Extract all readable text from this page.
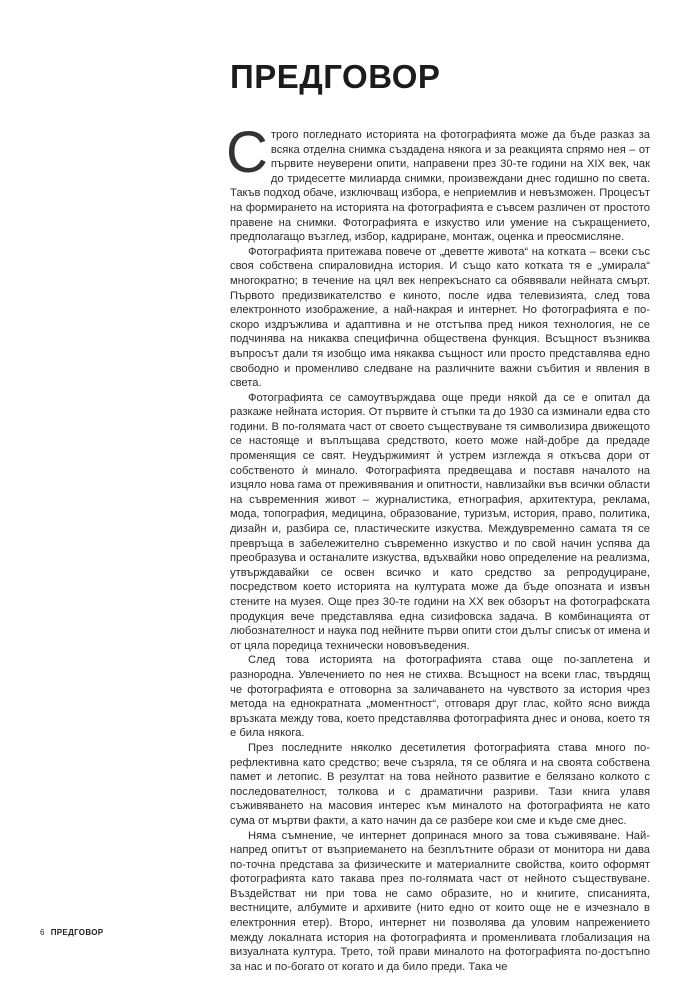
ПРЕДГОВОР

Строго погледнатo историята на фотографията може да бъде разказ за всяка отделна снимка създадена някога и за реакцията спрямо нея – от първите неуверени опити, направени през 30-те години на XIX век, чак до тридесетте милиарда снимки, произвеждани днес годишно по света. Такъв подход обаче, изключващ избора, е неприемлив и невъзможен. Процесът на формирането на историята на фотографията е съвсем различен от простото правене на снимки. Фотографията е изкуство или умение на съкращението, предполагащо възглед, избор, кадриране, монтаж, оценка и преосмисляне.

Фотографията притежава повече от „деветте живота“ на котката – всеки със своя собствена спираловидна история. И също като котката тя е „умирала“ многократно; в течение на цял век непрекъснато са обявявали нейната смърт. Първото предизвикателство е киното, после идва телевизията, след това електронното изображение, а най-накрая и интернет. Но фотографията е по-скоро издръжлива и адаптивна и не отстъпва пред никоя технология, не се подчинява на никаква специфична обществена функция. Всъщност възниква въпросът дали тя изобщо има някаква същност или просто представлява едно свободно и променливо следване на различните важни събития и явления в света.

Фотографията се самоутвърждава още преди някой да се е опитал да разкаже нейната история. От първите ѝ стъпки та до 1930 са изминали едва сто години. В по-голямата част от своето съществуване тя символизира движещото се настояще и въплъщава средството, което може най-добре да предаде променящия се свят. Неудържимият ѝ устрем изглежда я откъсва дори от собственото ѝ минало. Фотографията предвещава и поставя началото на изцяло нова гама от преживявания и опитности, навлизайки във всички области на съвременния живот – журналистика, етнография, архитектура, реклама, мода, топография, медицина, образование, туризъм, история, право, политика, дизайн и, разбира се, пластическите изкуства. Междувременно самата тя се превръща в забележително съвременно изкуство и по свой начин успява да преобразува и останалите изкуства, вдъхвайки ново определение на реализма, утвърждавайки се освен всичко и като средство за репродуциране, посредством което историята на културата може да бъде опозната и извън стените на музея. Още през 30-те години на XX век обзорът на фотографската продукция вече представлява една сизифовска задача. В комбинацията от любознателност и наука под нейните първи опити стои дълъг списък от имена и от цяла поредица технически нововъведения.

След това историята на фотографията става още по-заплетена и разнородна. Увлечението по нея не стихва. Всъщност на всеки глас, твърдящ че фотографията е отговорна за заличаването на чувството за история чрез метода на еднократната „моментност“, отговаря друг глас, който ясно вижда връзката между това, което представлява фотографията днес и онова, което тя е била някога.

През последните няколко десетилетия фотографията става много по-рефлективна като средство; вече съзряла, тя се обляга и на своята собствена памет и летопис. В резултат на това нейното развитие е белязано колкото с последователност, толкова и с драматични разриви. Тази книга улавя съживяването на масовия интерес към миналото на фотографията не като сума от мъртви факти, а като начин да се разбере кои сме и къде сме днес.

Няма съмнение, че интернет допринася много за това съживяване. Най-напред опитът от възприемането на безплътните образи от монитора ни дава по-точна представа за физическите и материалните свойства, които оформят фотографията като такава през по-голямата част от нейното съществуване. Въздействат ни при това не само образите, но и книгите, списанията, вестниците, албумите и архивите (нито едно от които още не е изчезнало в електронния етер). Второ, интернет ни позволява да уловим напрежението между локалната история на фотографията и променливата глобализация на визуалната култура. Трето, той прави миналото на фотографията по-достъпно за нас и по-богато от когато и да било преди. Така че

6 ПРЕДГОВОР
